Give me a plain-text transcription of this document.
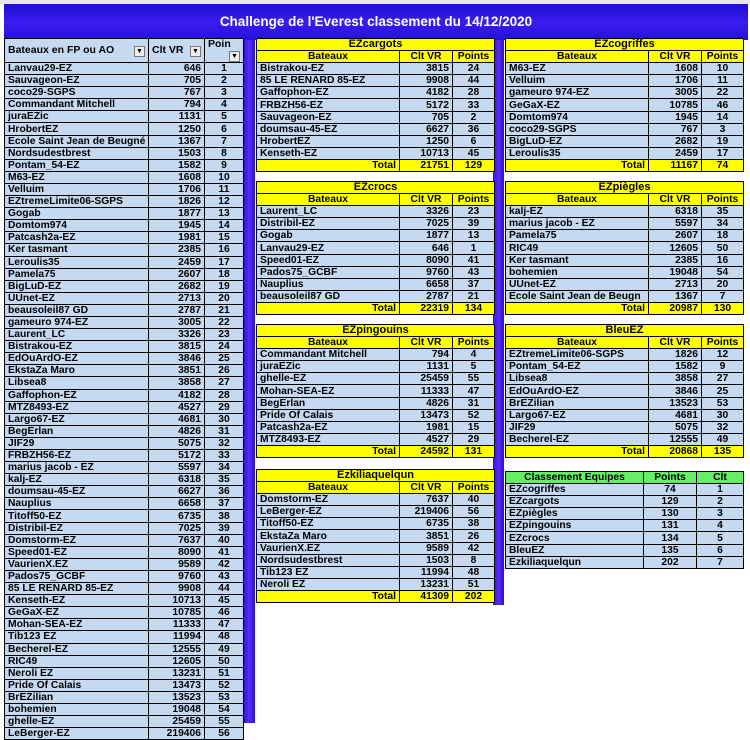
Challenge de l'Everest classement du 14/12/2020
Bateaux en FP ou AO ▼	Clt VR ▼	Poin
▼

Lanvau29-EZ	646	1
Sauvageon-EZ	705	2
coco29-SGPS	767	3
Commandant Mitchell	794	4
juraEZic	1131	5
HrobertEZ	1250	6
Ecole Saint Jean de Beugné	1367	7
Nordsudestbrest	1503	8
Pontam_54-EZ	1582	9
M63-EZ	1608	10
Velluim	1706	11
EZtremeLimite06-SGPS	1826	12
Gogab	1877	13
Domtom974	1945	14
Patcash2a-EZ	1981	15
Ker tasmant	2385	16
Leroulis35	2459	17
Pamela75	2607	18
BigLuD-EZ	2682	19
UUnet-EZ	2713	20
beausoleil87 GD	2787	21
gameuro 974-EZ	3005	22
Laurent_LC	3326	23
Bistrakou-EZ	3815	24
EdOuArdO-EZ	3846	25
EkstaZa Maro	3851	26
Libsea8	3858	27
Gaffophon-EZ	4182	28
MTZ8493-EZ	4527	29
Largo67-EZ	4681	30
BegErlan	4826	31
JIF29	5075	32
FRBZH56-EZ	5172	33
marius jacob - EZ	5597	34
kalj-EZ	6318	35
doumsau-45-EZ	6627	36
Nauplius	6658	37
Titoff50-EZ	6735	38
Distribil-EZ	7025	39
Domstorm-EZ	7637	40
Speed01-EZ	8090	41
VaurienX.EZ	9589	42
Pados75_GCBF	9760	43
85 LE RENARD 85-EZ	9908	44
Kenseth-EZ	10713	45
GeGaX-EZ	10785	46
Mohan-SEA-EZ	11333	47
Tib123 EZ	11994	48
Becherel-EZ	12555	49
RIC49	12605	50
Neroli EZ	13231	51
Pride Of Calais	13473	52
BrEZilian	13523	53
bohemien	19048	54
ghelle-EZ	25459	55
LeBerger-EZ	219406	56
EZcargots		
Bateaux	Clt VR	Points
Bistrakou-EZ	3815	24
85 LE RENARD 85-EZ	9908	44
Gaffophon-EZ	4182	28
FRBZH56-EZ	5172	33
Sauvageon-EZ	705	2
doumsau-45-EZ	6627	36
HrobertEZ	1250	6
Kenseth-EZ	10713	45
Total	21751	129
EZcogriffes		
Bateaux	Clt VR	Points
M63-EZ	1608	10
Velluim	1706	11
gameuro 974-EZ	3005	22
GeGaX-EZ	10785	46
Domtom974	1945	14
coco29-SGPS	767	3
BigLuD-EZ	2682	19
Leroulis35	2459	17
Total	11167	74
EZcrocs		
Bateaux	Clt VR	Points
Laurent_LC	3326	23
Distribil-EZ	7025	39
Gogab	1877	13
Lanvau29-EZ	646	1
Speed01-EZ	8090	41
Pados75_GCBF	9760	43
Nauplius	6658	37
beausoleil87 GD	2787	21
Total	22319	134
EZpiègles		
Bateaux	Clt VR	Points
kalj-EZ	6318	35
marius jacob - EZ	5597	34
Pamela75	2607	18
RIC49	12605	50
Ker tasmant	2385	16
bohemien	19048	54
UUnet-EZ	2713	20
Ecole Saint Jean de Beugn	1367	7
Total	20987	130
EZpingouins		
Bateaux	Clt VR	Points
Commandant Mitchell	794	4
juraEZic	1131	5
ghelle-EZ	25459	55
Mohan-SEA-EZ	11333	47
BegErlan	4826	31
Pride Of Calais	13473	52
Patcash2a-EZ	1981	15
MTZ8493-EZ	4527	29
Total	24592	131
BleuEZ		
Bateaux	Clt VR	Points
EZtremeLimite06-SGPS	1826	12
Pontam_54-EZ	1582	9
Libsea8	3858	27
EdOuArdO-EZ	3846	25
BrEZilian	13523	53
Largo67-EZ	4681	30
JIF29	5075	32
Becherel-EZ	12555	49
Total	20868	135
Ezkiliaquelqun		
Bateaux	Clt VR	Points
Domstorm-EZ	7637	40
LeBerger-EZ	219406	56
Titoff50-EZ	6735	38
EkstaZa Maro	3851	26
VaurienX.EZ	9589	42
Nordsudestbrest	1503	8
Tib123 EZ	11994	48
Neroli EZ	13231	51
Total	41309	202
Classement Equipes	Points	Clt
EZcogriffes	74	1
EZcargots	129	2
EZpiègles	130	3
EZpingouins	131	4
EZcrocs	134	5
BleuEZ	135	6
Ezkiliaquelqun	202	7
